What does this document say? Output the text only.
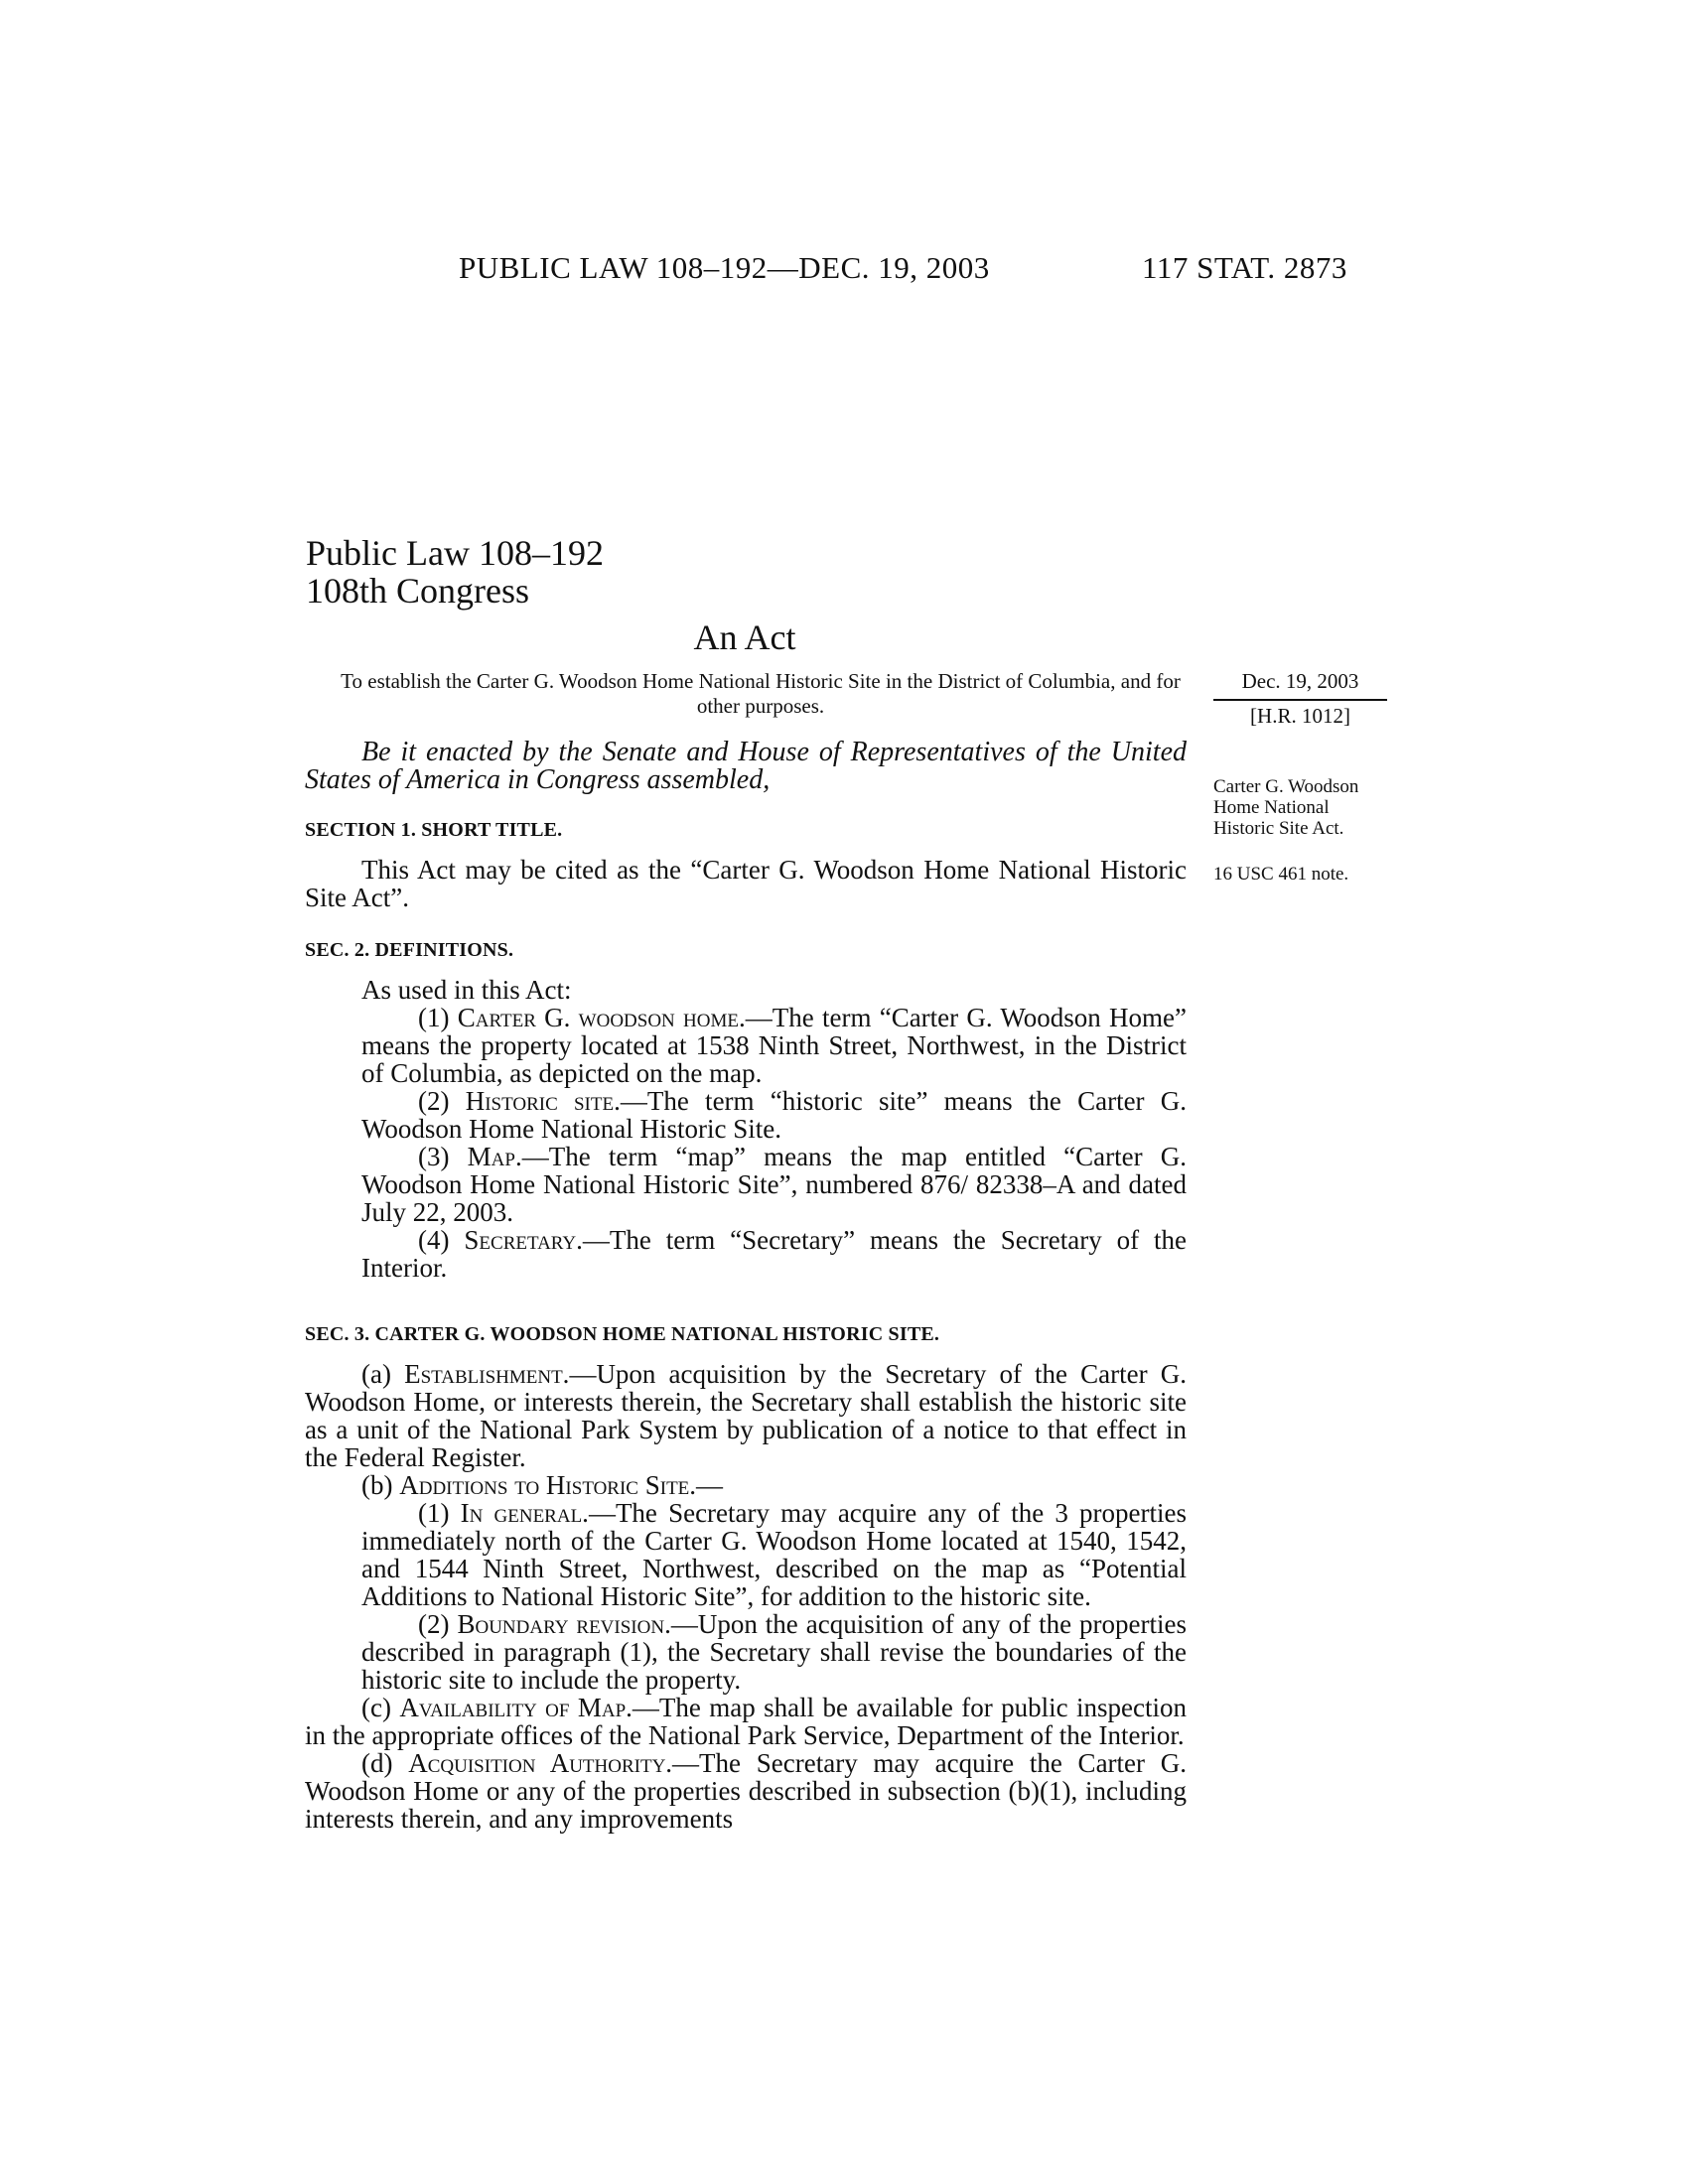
PUBLIC LAW 108–192—DEC. 19, 2003	117 STAT. 2873
Public Law 108–192
108th Congress
An Act
To establish the Carter G. Woodson Home National Historic Site in the District of Columbia, and for other purposes.
Dec. 19, 2003
[H.R. 1012]
Carter G. Woodson Home National Historic Site Act.
16 USC 461 note.
Be it enacted by the Senate and House of Representatives of the United States of America in Congress assembled,

SECTION 1. SHORT TITLE.

This Act may be cited as the “Carter G. Woodson Home National Historic Site Act”.

SEC. 2. DEFINITIONS.

As used in this Act:

(1) Carter G. woodson home.—The term “Carter G. Woodson Home” means the property located at 1538 Ninth Street, Northwest, in the District of Columbia, as depicted on the map.

(2) Historic site.—The term “historic site” means the Carter G. Woodson Home National Historic Site.

(3) Map.—The term “map” means the map entitled “Carter G. Woodson Home National Historic Site”, numbered 876/ 82338–A and dated July 22, 2003.

(4) Secretary.—The term “Secretary” means the Secretary of the Interior.

SEC. 3. CARTER G. WOODSON HOME NATIONAL HISTORIC SITE.

(a) Establishment.—Upon acquisition by the Secretary of the Carter G. Woodson Home, or interests therein, the Secretary shall establish the historic site as a unit of the National Park System by publication of a notice to that effect in the Federal Register.

(b) Additions to Historic Site.—

(1) In general.—The Secretary may acquire any of the 3 properties immediately north of the Carter G. Woodson Home located at 1540, 1542, and 1544 Ninth Street, Northwest, described on the map as “Potential Additions to National Historic Site”, for addition to the historic site.

(2) Boundary revision.—Upon the acquisition of any of the properties described in paragraph (1), the Secretary shall revise the boundaries of the historic site to include the property.

(c) Availability of Map.—The map shall be available for public inspection in the appropriate offices of the National Park Service, Department of the Interior.

(d) Acquisition Authority.—The Secretary may acquire the Carter G. Woodson Home or any of the properties described in subsection (b)(1), including interests therein, and any improvements
